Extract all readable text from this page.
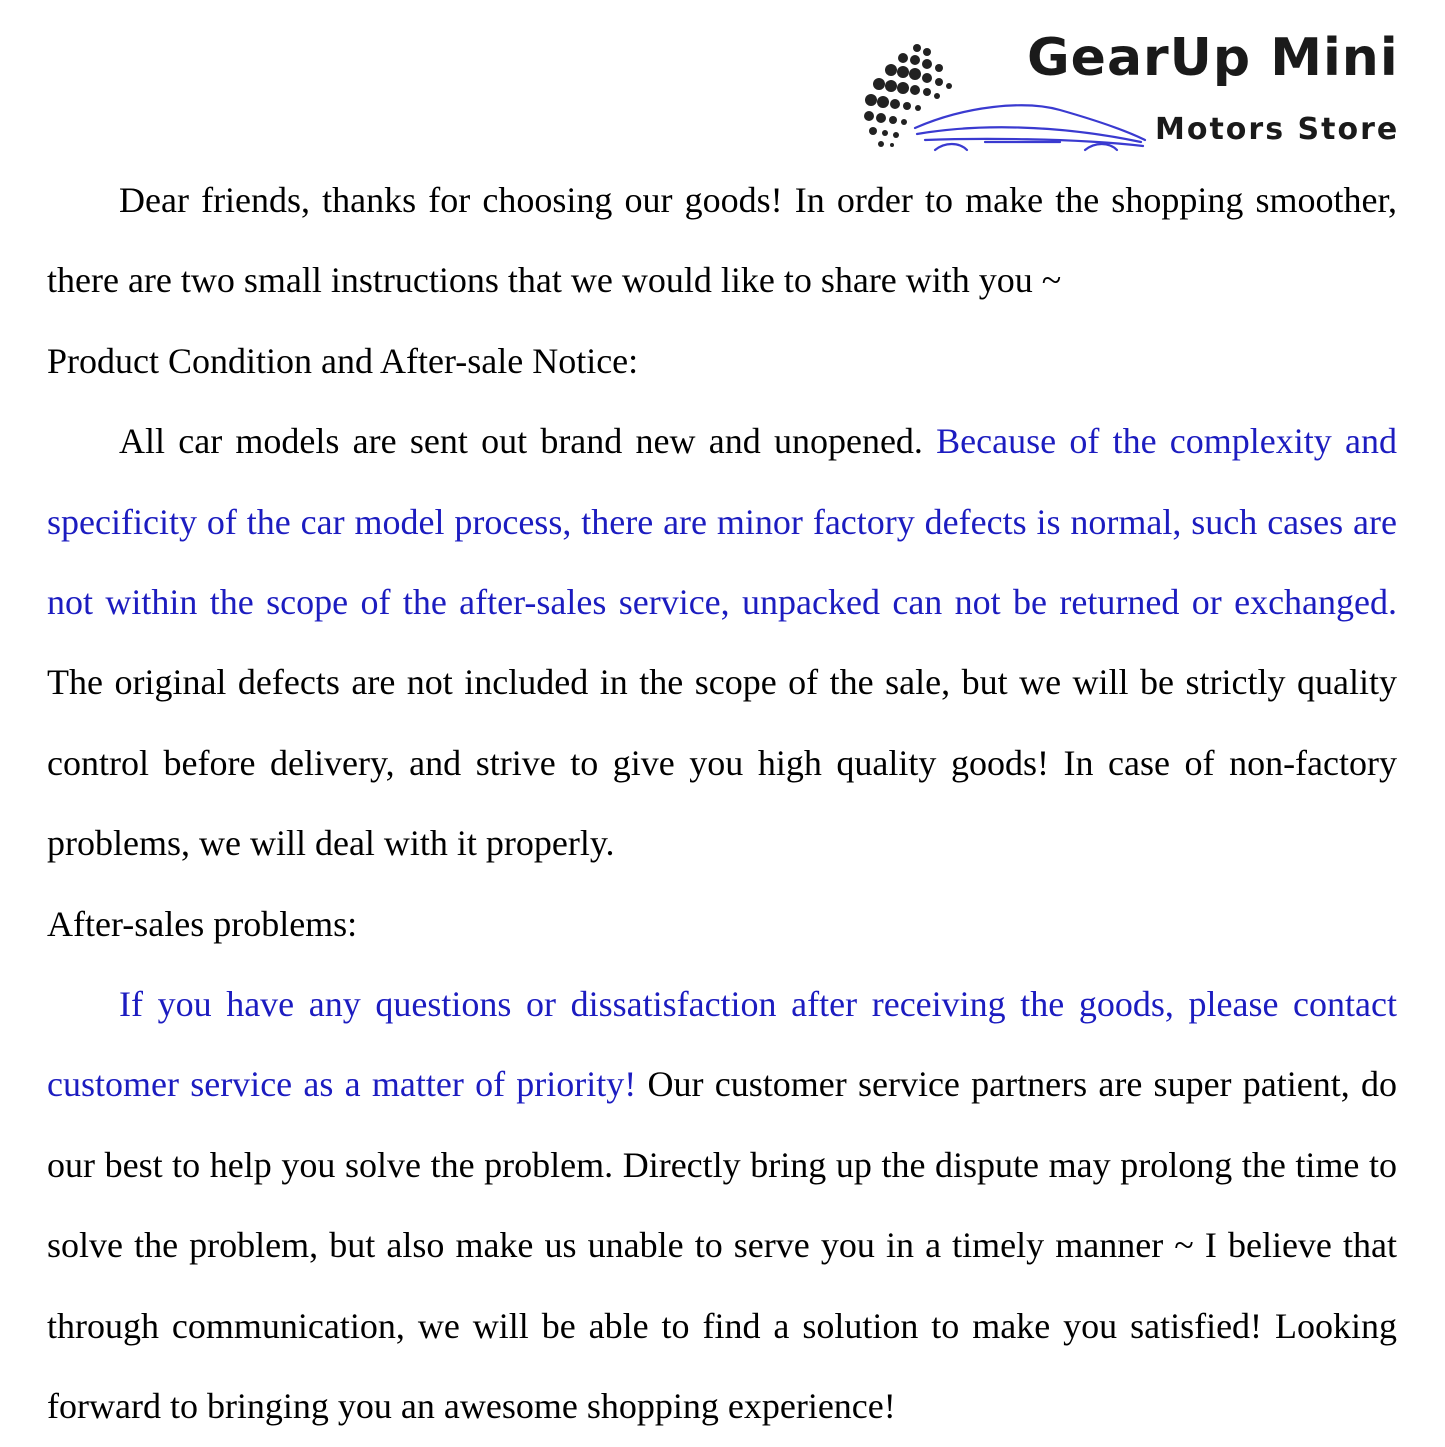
GearUp Mini
Motors Store

Dear friends, thanks for choosing our goods! In order to make the shopping smoother, there are two small instructions that we would like to share with you ~

Product Condition and After-sale Notice:

All car models are sent out brand new and unopened. Because of the complexity and specificity of the car model process, there are minor factory defects is normal, such cases are not within the scope of the after-sales service, unpacked can not be returned or exchanged. The original defects are not included in the scope of the sale, but we will be strictly quality control before delivery, and strive to give you high quality goods! In case of non-factory problems, we will deal with it properly.

After-sales problems:

If you have any questions or dissatisfaction after receiving the goods, please contact customer service as a matter of priority! Our customer service partners are super patient, do our best to help you solve the problem. Directly bring up the dispute may prolong the time to solve the problem, but also make us unable to serve you in a timely manner ~ I believe that through communication, we will be able to find a solution to make you satisfied! Looking forward to bringing you an awesome shopping experience!
